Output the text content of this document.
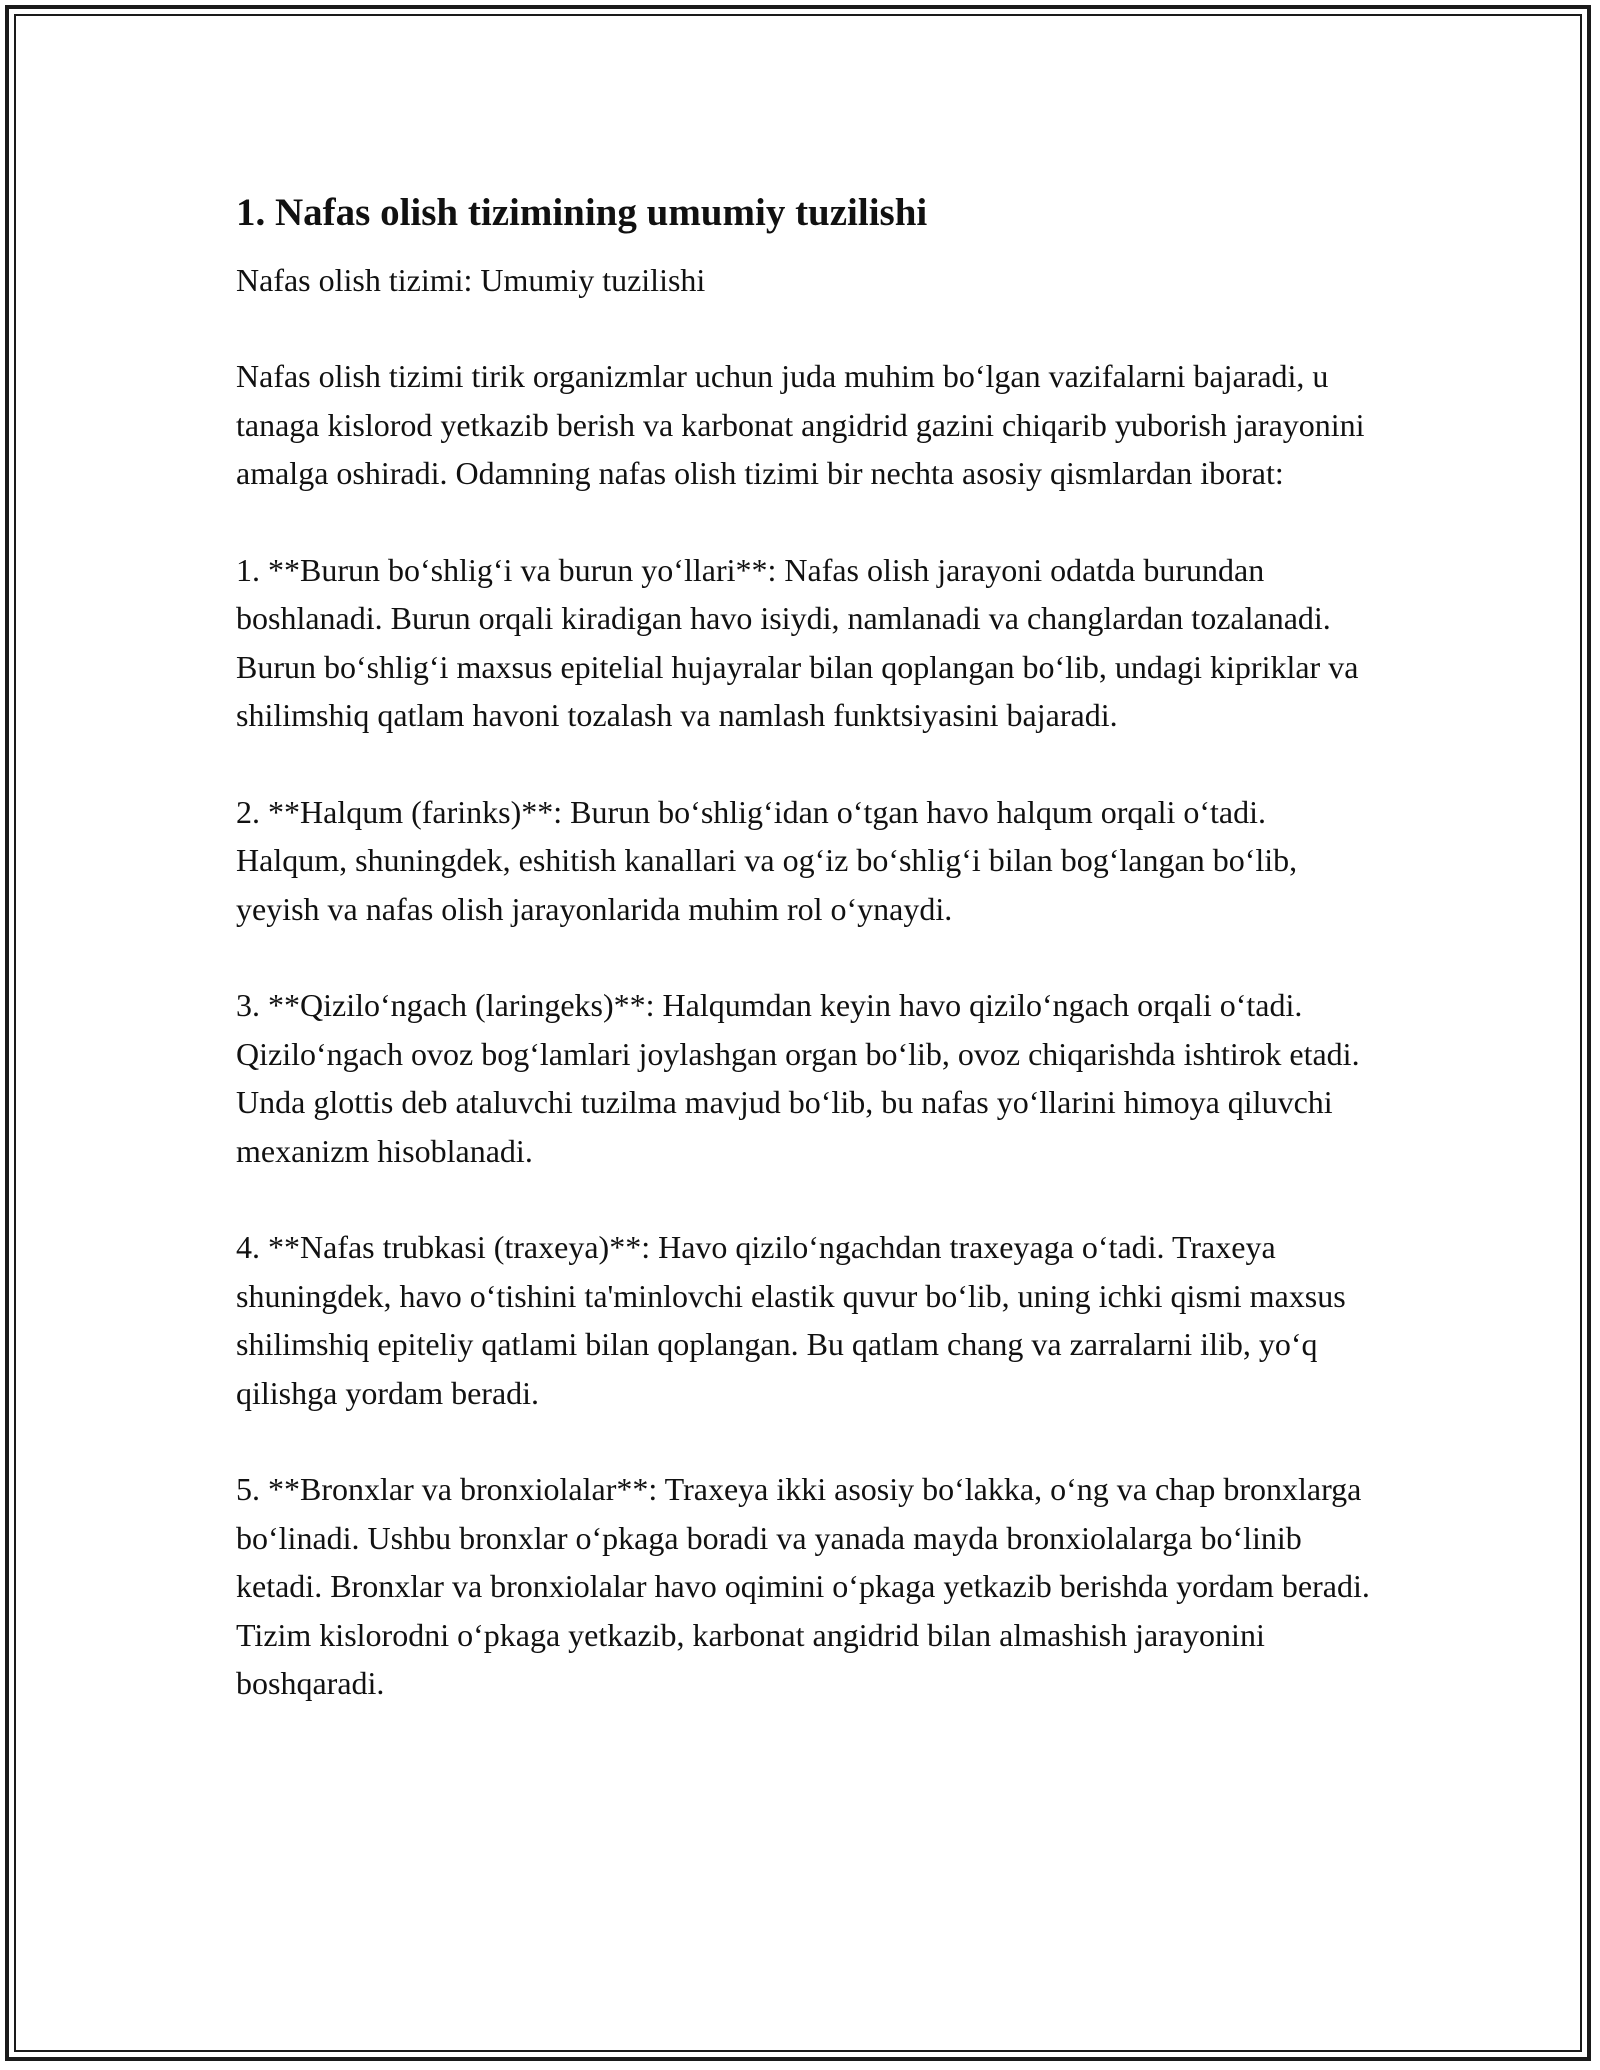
1. Nafas olish tizimining umumiy tuzilishi

Nafas olish tizimi: Umumiy tuzilishi

Nafas olish tizimi tirik organizmlar uchun juda muhim bo‘lgan vazifalarni bajaradi, u tanaga kislorod yetkazib berish va karbonat angidrid gazini chiqarib yuborish jarayonini amalga oshiradi. Odamning nafas olish tizimi bir nechta asosiy qismlardan iborat:

1. **Burun bo‘shlig‘i va burun yo‘llari**: Nafas olish jarayoni odatda burundan boshlanadi. Burun orqali kiradigan havo isiydi, namlanadi va changlardan tozalanadi. Burun bo‘shlig‘i maxsus epitelial hujayralar bilan qoplangan bo‘lib, undagi kipriklar va shilimshiq qatlam havoni tozalash va namlash funktsiyasini bajaradi.

2. **Halqum (farinks)**: Burun bo‘shlig‘idan o‘tgan havo halqum orqali o‘tadi. Halqum, shuningdek, eshitish kanallari va og‘iz bo‘shlig‘i bilan bog‘langan bo‘lib, yeyish va nafas olish jarayonlarida muhim rol o‘ynaydi.

3. **Qizilo‘ngach (laringeks)**: Halqumdan keyin havo qizilo‘ngach orqali o‘tadi. Qizilo‘ngach ovoz bog‘lamlari joylashgan organ bo‘lib, ovoz chiqarishda ishtirok etadi. Unda glottis deb ataluvchi tuzilma mavjud bo‘lib, bu nafas yo‘llarini himoya qiluvchi mexanizm hisoblanadi.

4. **Nafas trubkasi (traxeya)**: Havo qizilo‘ngachdan traxeyaga o‘tadi. Traxeya shuningdek, havo o‘tishini ta'minlovchi elastik quvur bo‘lib, uning ichki qismi maxsus shilimshiq epiteliy qatlami bilan qoplangan. Bu qatlam chang va zarralarni ilib, yo‘q qilishga yordam beradi.

5. **Bronxlar va bronxiolalar**: Traxeya ikki asosiy bo‘lakka, o‘ng va chap bronxlarga bo‘linadi. Ushbu bronxlar o‘pkaga boradi va yanada mayda bronxiolalarga bo‘linib ketadi. Bronxlar va bronxiolalar havo oqimini o‘pkaga yetkazib berishda yordam beradi. Tizim kislorodni o‘pkaga yetkazib, karbonat angidrid bilan almashish jarayonini boshqaradi.
